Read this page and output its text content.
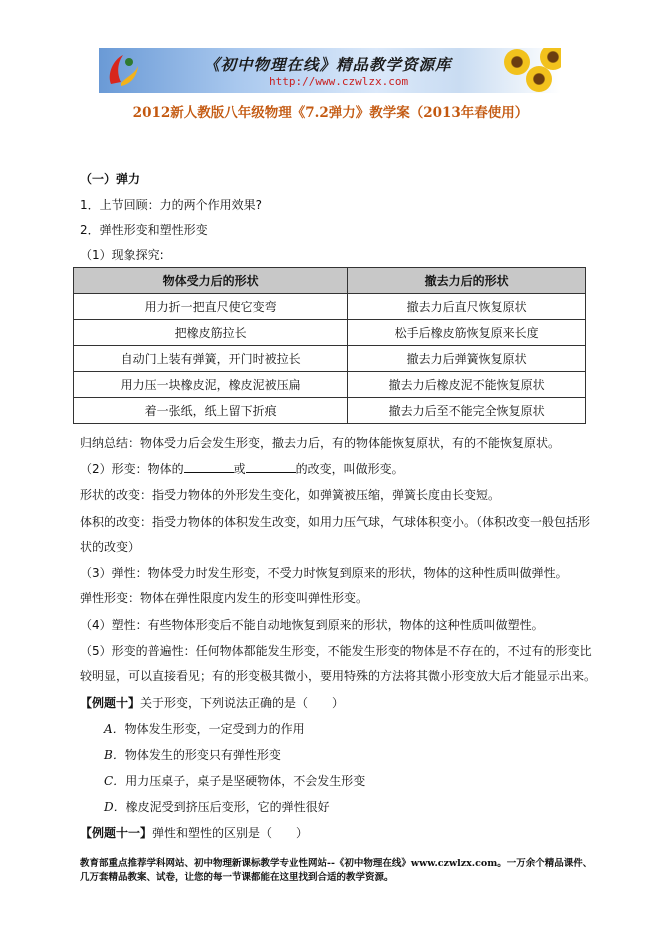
《初中物理在线》精品教学资源库
http://www.czwlzx.com
2012新人教版八年级物理《7.2弹力》教学案（2013年春使用）
（一）弹力
1．上节回顾：力的两个作用效果?
2．弹性形变和塑性形变
（1）现象探究:
物体受力后的形状	撤去力后的形状
用力折一把直尺使它变弯	撤去力后直尺恢复原状
把橡皮筋拉长	松手后橡皮筋恢复原来长度
自动门上装有弹簧，开门时被拉长	撤去力后弹簧恢复原状
用力压一块橡皮泥，橡皮泥被压扁	撤去力后橡皮泥不能恢复原状
着一张纸，纸上留下折痕	撤去力后至不能完全恢复原状
归纳总结：物体受力后会发生形变，撤去力后，有的物体能恢复原状，有的不能恢复原状。
（2）形变：物体的	或	的改变，叫做形变。
形状的改变：指受力物体的外形发生变化，如弹簧被压缩，弹簧长度由长变短。
体积的改变：指受力物体的体积发生改变，如用力压气球，气球体积变小。（体积改变一般包括形
状的改变）
（3）弹性：物体受力时发生形变，不受力时恢复到原来的形状，物体的这种性质叫做弹性。
弹性形变：物体在弹性限度内发生的形变叫弹性形变。
（4）塑性：有些物体形变后不能自动地恢复到原来的形状，物体的这种性质叫做塑性。
（5）形变的普遍性：任何物体都能发生形变，不能发生形变的物体是不存在的，不过有的形变比
较明显，可以直接看见；有的形变极其微小，要用特殊的方法将其微小形变放大后才能显示出来。
【例题十】关于形变，下列说法正确的是（　　）
A．物体发生形变，一定受到力的作用
B．物体发生的形变只有弹性形变
C．用力压桌子，桌子是坚硬物体，不会发生形变
D．橡皮泥受到挤压后变形，它的弹性很好
【例题十一】弹性和塑性的区别是（　　）
教育部重点推荐学科网站、初中物理新课标教学专业性网站--《初中物理在线》www.czwlzx.com。一万余个精品课件、
几万套精品教案、试卷，让您的每一节课都能在这里找到合适的教学资源。
